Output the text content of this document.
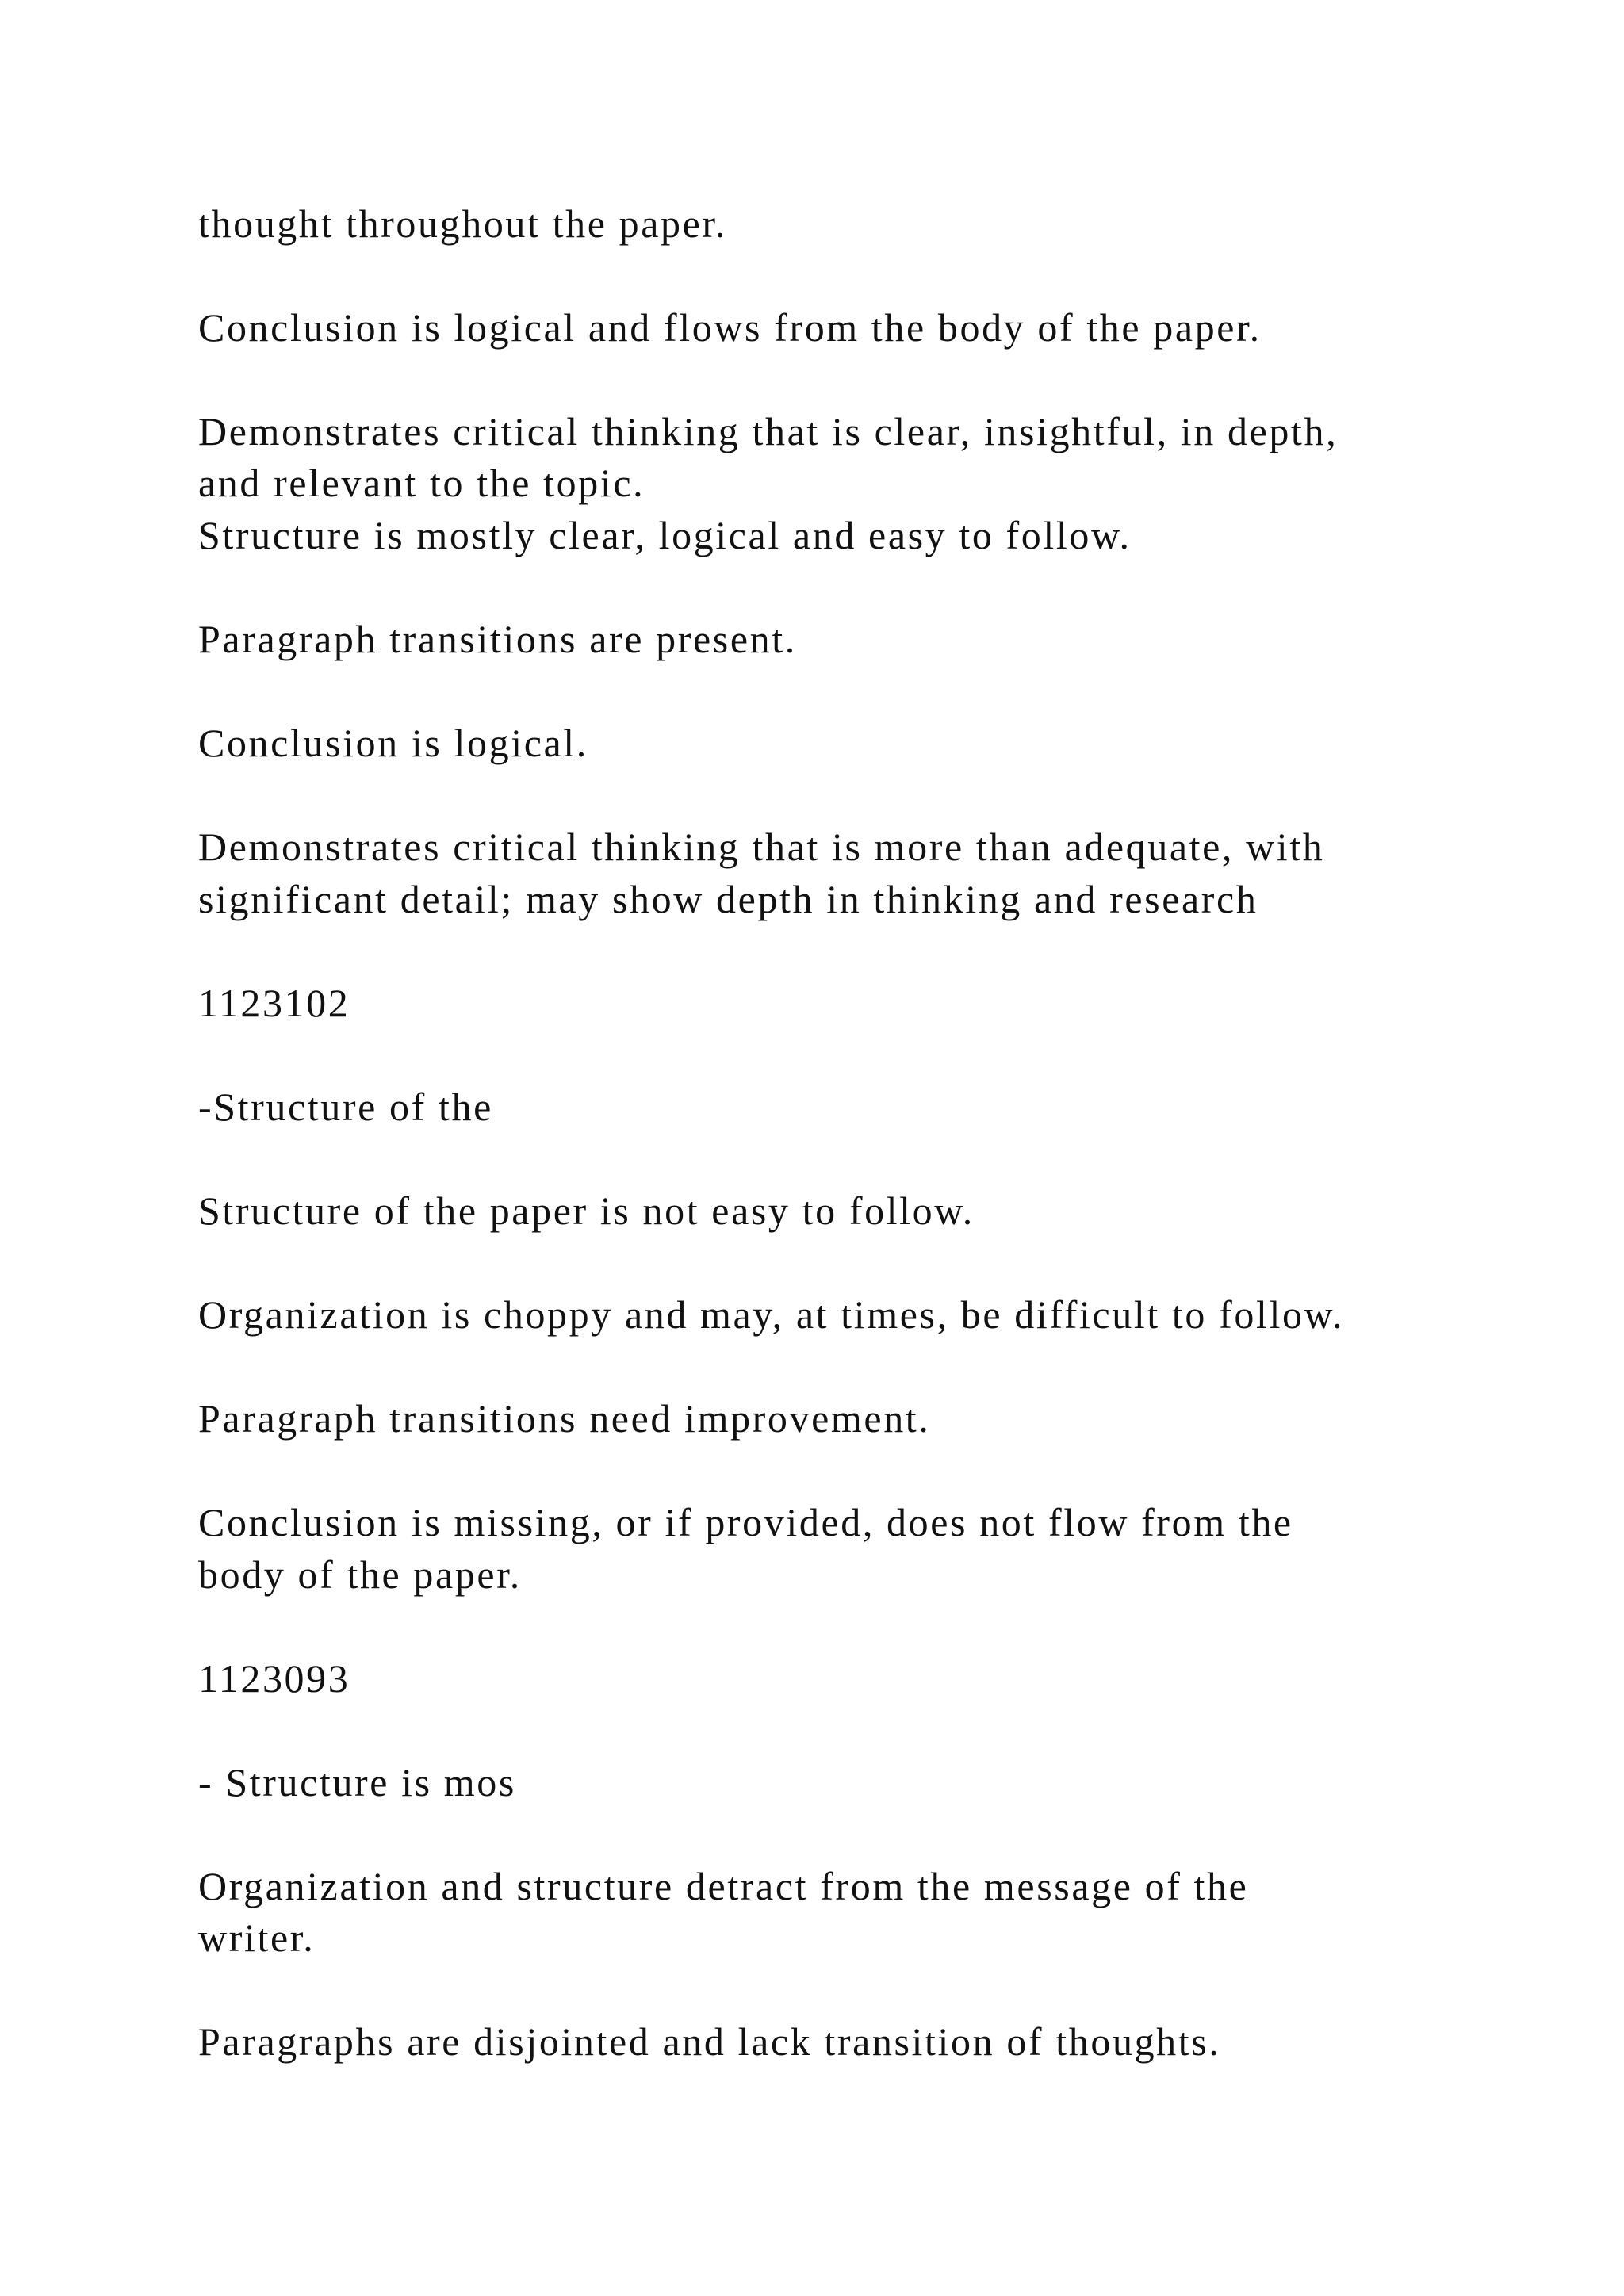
thought throughout the paper.
Conclusion is logical and flows from the body of the paper.
Demonstrates critical thinking that is clear, insightful, in depth,
and relevant to the topic.
Structure is mostly clear, logical and easy to follow.
Paragraph transitions are present.
Conclusion is logical.
Demonstrates critical thinking that is more than adequate, with
significant detail; may show depth in thinking and research
1123102
-Structure of the
Structure of the paper is not easy to follow.
Organization is choppy and may, at times, be difficult to follow.
Paragraph transitions need improvement.
Conclusion is missing, or if provided, does not flow from the
body of the paper.
1123093
- Structure is mos
Organization and structure detract from the message of the
writer.
Paragraphs are disjointed and lack transition of thoughts.
